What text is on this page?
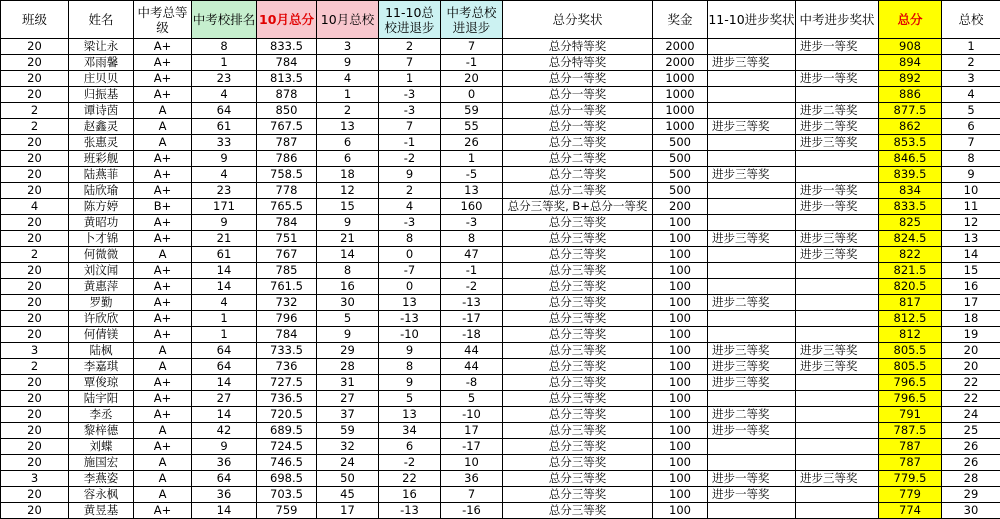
班级	姓名	中考总等级	中考校排名	10月总分	10月总校	11-10总校进退步	中考总校进退步	总分奖状	奖金	11-10进步奖状	中考进步奖状	总分	总校
20	梁让永	A+	8	833.5	3	2	7	总分特等奖	2000		进步一等奖	908	1
20	邓雨馨	A+	1	784	9	7	-1	总分特等奖	2000	进步三等奖		894	2
20	庄贝贝	A+	23	813.5	4	1	20	总分一等奖	1000		进步一等奖	892	3
20	归振基	A+	4	878	1	-3	0	总分一等奖	1000			886	4
2	谭诗茵	A	64	850	2	-3	59	总分一等奖	1000		进步二等奖	877.5	5
2	赵鑫灵	A	61	767.5	13	7	55	总分一等奖	1000	进步三等奖	进步二等奖	862	6
20	张惠灵	A	33	787	6	-1	26	总分二等奖	500		进步三等奖	853.5	7
20	班彩舰	A+	9	786	6	-2	1	总分二等奖	500			846.5	8
20	陆燕菲	A+	4	758.5	18	9	-5	总分二等奖	500	进步三等奖		839.5	9
20	陆欣瑜	A+	23	778	12	2	13	总分二等奖	500		进步一等奖	834	10
4	陈方婷	B+	171	765.5	15	4	160	总分三等奖, B+总分一等奖	200		进步一等奖	833.5	11
20	黄昭功	A+	9	784	9	-3	-3	总分三等奖	100			825	12
20	卜才锦	A+	21	751	21	8	8	总分三等奖	100	进步三等奖	进步三等奖	824.5	13
2	何微微	A	61	767	14	0	47	总分三等奖	100		进步三等奖	822	14
20	刘汶闻	A+	14	785	8	-7	-1	总分三等奖	100			821.5	15
20	黄惠萍	A+	14	761.5	16	0	-2	总分三等奖	100			820.5	16
20	罗勤	A+	4	732	30	13	-13	总分三等奖	100	进步二等奖		817	17
20	许欣欣	A+	1	796	5	-13	-17	总分三等奖	100			812.5	18
20	何倩镁	A+	1	784	9	-10	-18	总分三等奖	100			812	19
3	陆枫	A	64	733.5	29	9	44	总分三等奖	100	进步三等奖	进步三等奖	805.5	20
2	李嘉琪	A	64	736	28	8	44	总分三等奖	100	进步三等奖	进步三等奖	805.5	20
20	覃俊琼	A+	14	727.5	31	9	-8	总分三等奖	100	进步三等奖		796.5	22
20	陆宇阳	A+	27	736.5	27	5	5	总分三等奖	100			796.5	22
20	李丞	A+	14	720.5	37	13	-10	总分三等奖	100	进步二等奖		791	24
20	黎梓德	A	42	689.5	59	34	17	总分三等奖	100	进步一等奖		787.5	25
20	刘蝶	A+	9	724.5	32	6	-17	总分三等奖	100			787	26
20	施国宏	A	36	746.5	24	-2	10	总分三等奖	100			787	26
3	李燕姿	A	64	698.5	50	22	36	总分三等奖	100	进步一等奖	进步三等奖	779.5	28
20	容永枫	A	36	703.5	45	16	7	总分三等奖	100	进步一等奖		779	29
20	黄昱基	A+	14	759	17	-13	-16	总分三等奖	100			774	30
